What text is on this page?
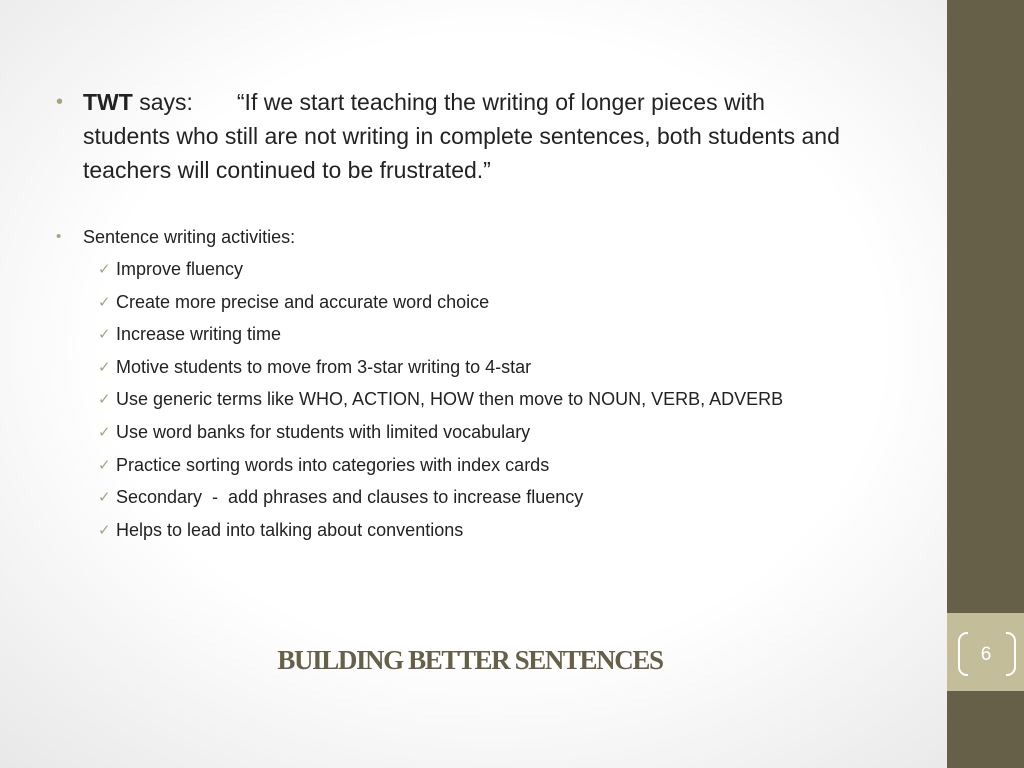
• TWT says: “If we start teaching the writing of longer pieces with students who still are not writing in complete sentences, both students and teachers will continued to be frustrated.”
• Sentence writing activities:
✓ Improve fluency
✓ Create more precise and accurate word choice
✓ Increase writing time
✓ Motive students to move from 3-star writing to 4-star
✓ Use generic terms like WHO, ACTION, HOW then move to NOUN, VERB, ADVERB
✓ Use word banks for students with limited vocabulary
✓ Practice sorting words into categories with index cards
✓ Secondary  -  add phrases and clauses to increase fluency
✓ Helps to lead into talking about conventions
BUILDING BETTER SENTENCES	6
